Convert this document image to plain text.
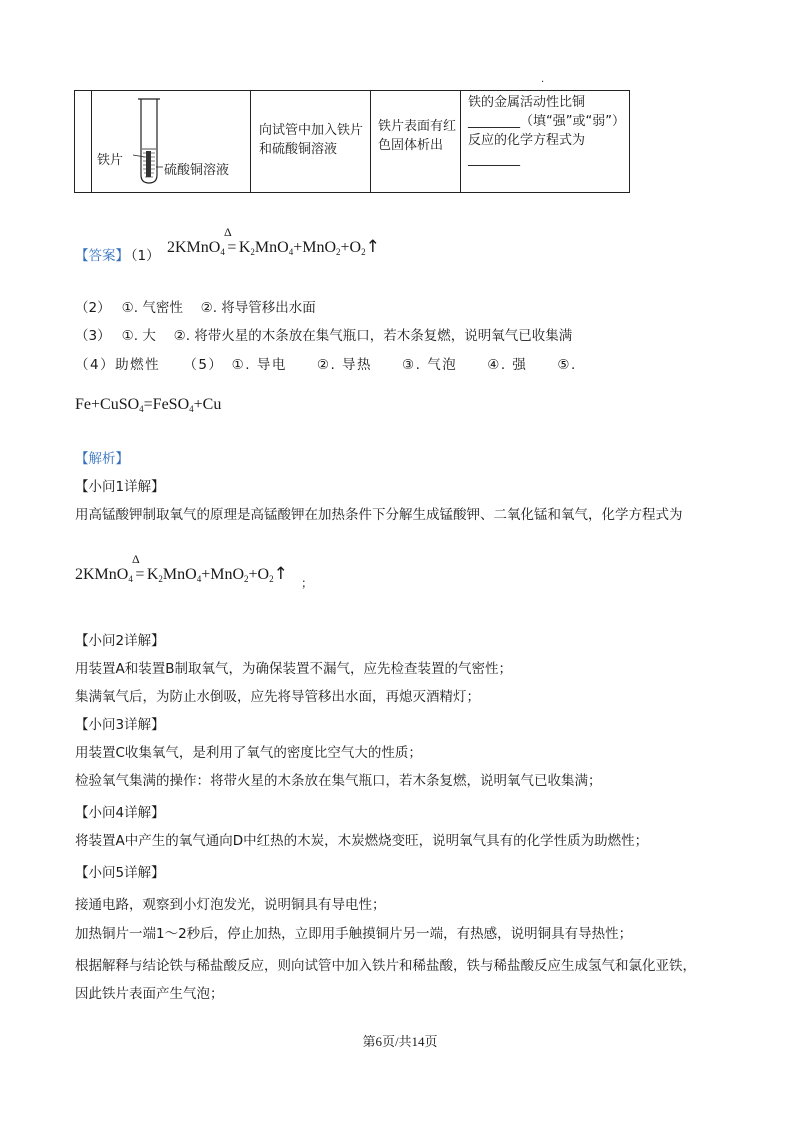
.
铁片
硫酸铜溶液
向试管中加入铁片和硫酸铜溶液
铁片表面有红色固体析出
铁的金属活动性比铜________（填“强”或“弱”）反应的化学方程式为________
【答案】
（1）
Δ
2KMnO$_4$ = $K_2MnO_4+MnO_2+O_2↑$
（2）　 ①. 气密性　 ②. 将导管移出水面
（3）　 ①. 大　 ②. 将带火星的木条放在集气瓶口，若木条复燃，说明氧气已收集满
（4）助燃性　　（5）　①. 导电　　②. 导热　　③. 气泡　　④. 强　　⑤.
Fe+CuSO$_4$=FeSO$_4$+Cu
【解析】
【小问1详解】
用高锰酸钾制取氧气的原理是高锰酸钾在加热条件下分解生成锰酸钾、二氧化锰和氧气，化学方程式为
Δ
2KMnO$_4$ = $K_2MnO_4+MnO_2+O_2↑$ ；
【小问2详解】
用装置A和装置B制取氧气，为确保装置不漏气，应先检查装置的气密性；
集满氧气后，为防止水倒吸，应先将导管移出水面，再熄灭酒精灯；
【小问3详解】
用装置C收集氧气，是利用了氧气的密度比空气大的性质；
检验氧气集满的操作：将带火星的木条放在集气瓶口，若木条复燃，说明氧气已收集满；
【小问4详解】
将装置A中产生的氧气通向D中红热的木炭，木炭燃烧变旺，说明氧气具有的化学性质为助燃性；
【小问5详解】
接通电路，观察到小灯泡发光，说明铜具有导电性；
加热铜片一端1～2秒后，停止加热，立即用手触摸铜片另一端，有热感，说明铜具有导热性；
根据解释与结论铁与稀盐酸反应，则向试管中加入铁片和稀盐酸，铁与稀盐酸反应生成氢气和氯化亚铁，
因此铁片表面产生气泡；
第6页/共14页
